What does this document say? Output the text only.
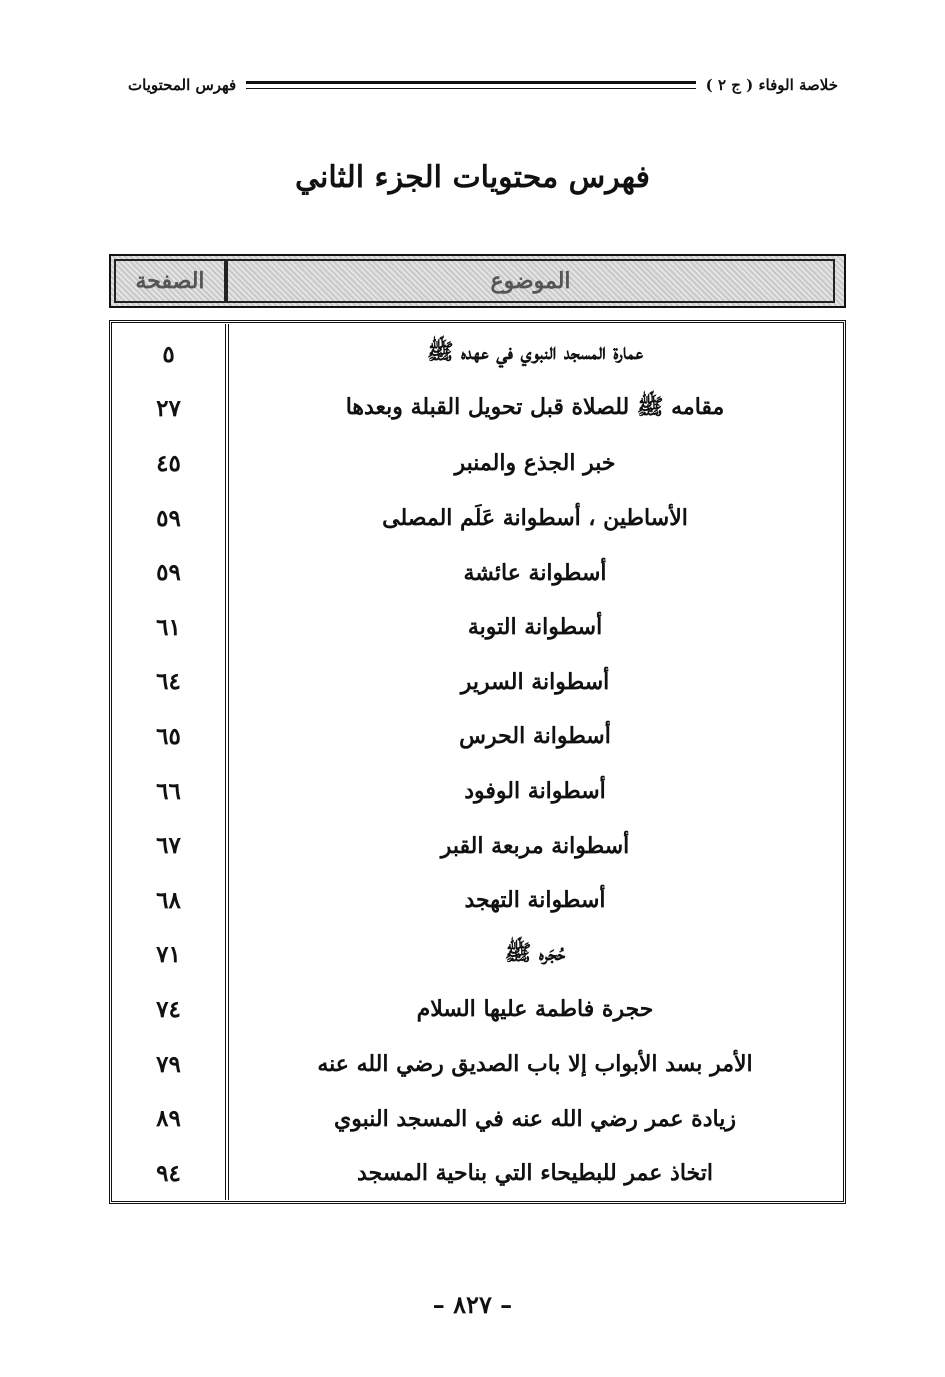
خلاصة الوفاء ( ج ٢ )
فهرس المحتويات
فهرس محتويات الجزء الثاني
الموضوع
الصفحة
عمارة المسجد النبوي في عهده ﷺ
٥
مقامه ﷺ للصلاة قبل تحويل القبلة وبعدها
٢٧
خبر الجذع والمنبر
٤٥
الأساطين ، أسطوانة عَلَم المصلى
٥٩
أسطوانة عائشة
٥٩
أسطوانة التوبة
٦١
أسطوانة السرير
٦٤
أسطوانة الحرس
٦٥
أسطوانة الوفود
٦٦
أسطوانة مربعة القبر
٦٧
أسطوانة التهجد
٦٨
حُجَره ﷺ
٧١
حجرة فاطمة عليها السلام
٧٤
الأمر بسد الأبواب إلا باب الصديق رضي الله عنه
٧٩
زيادة عمر رضي الله عنه في المسجد النبوي
٨٩
اتخاذ عمر للبطيحاء التي بناحية المسجد
٩٤
– ٨٢٧ –
